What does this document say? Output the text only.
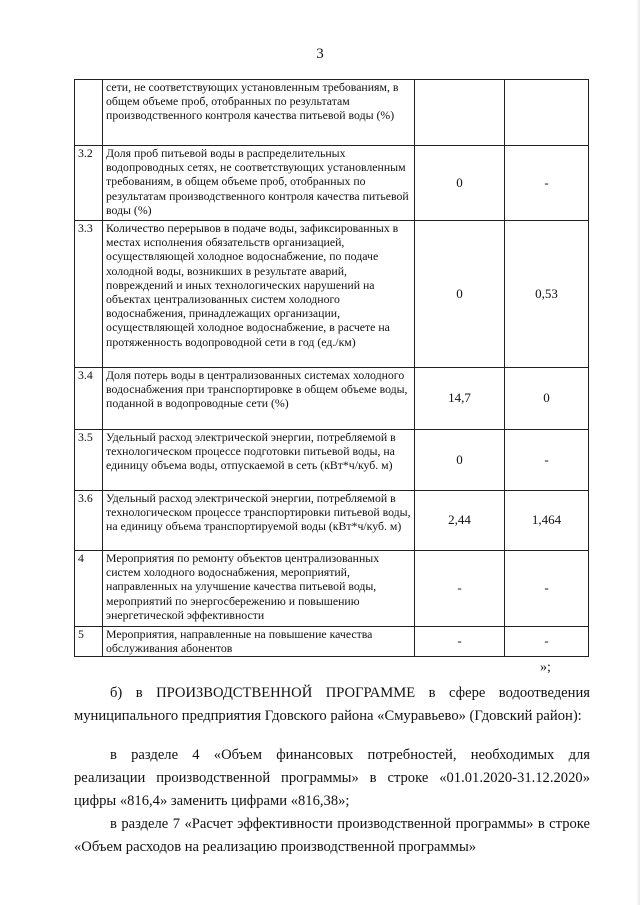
3
	сети, не соответствующих установленным требованиям, в общем объеме проб, отобранных по результатам производственного контроля качества питьевой воды (%)		
3.2	Доля проб питьевой воды в распределительных водопроводных сетях, не соответствующих установленным требованиям, в общем объеме проб, отобранных по результатам производственного контроля качества питьевой воды (%)	0	-
3.3	Количество перерывов в подаче воды, зафиксированных в местах исполнения обязательств организацией, осуществляющей холодное водоснабжение, по подаче холодной воды, возникших в результате аварий, повреждений и иных технологических нарушений на объектах централизованных систем холодного водоснабжения, принадлежащих организации, осуществляющей холодное водоснабжение, в расчете на протяженность водопроводной сети в год (ед./км)	0	0,53
3.4	Доля потерь воды в централизованных системах холодного водоснабжения при транспортировке в общем объеме воды, поданной в водопроводные сети (%)	14,7	0
3.5	Удельный расход электрической энергии, потребляемой в технологическом процессе подготовки питьевой воды, на единицу объема воды, отпускаемой в сеть (кВт*ч/куб. м)	0	-
3.6	Удельный расход электрической энергии, потребляемой в технологическом процессе транспортировки питьевой воды, на единицу объема транспортируемой воды (кВт*ч/куб. м)	2,44	1,464
4	Мероприятия по ремонту объектов централизованных систем холодного водоснабжения, мероприятий, направленных на улучшение качества питьевой воды, мероприятий по энергосбережению и повышению энергетической эффективности	-	-
5	Мероприятия, направленные на повышение качества обслуживания абонентов	-	-
»;
б) в ПРОИЗВОДСТВЕННОЙ ПРОГРАММЕ в сфере водоотведения муниципального предприятия Гдовского района «Смуравьево» (Гдовский район):
в разделе 4 «Объем финансовых потребностей, необходимых для реализации производственной программы» в строке «01.01.2020-31.12.2020» цифры «816,4» заменить цифрами «816,38»;
в разделе 7 «Расчет эффективности производственной программы» в строке «Объем расходов на реализацию производственной программы»
